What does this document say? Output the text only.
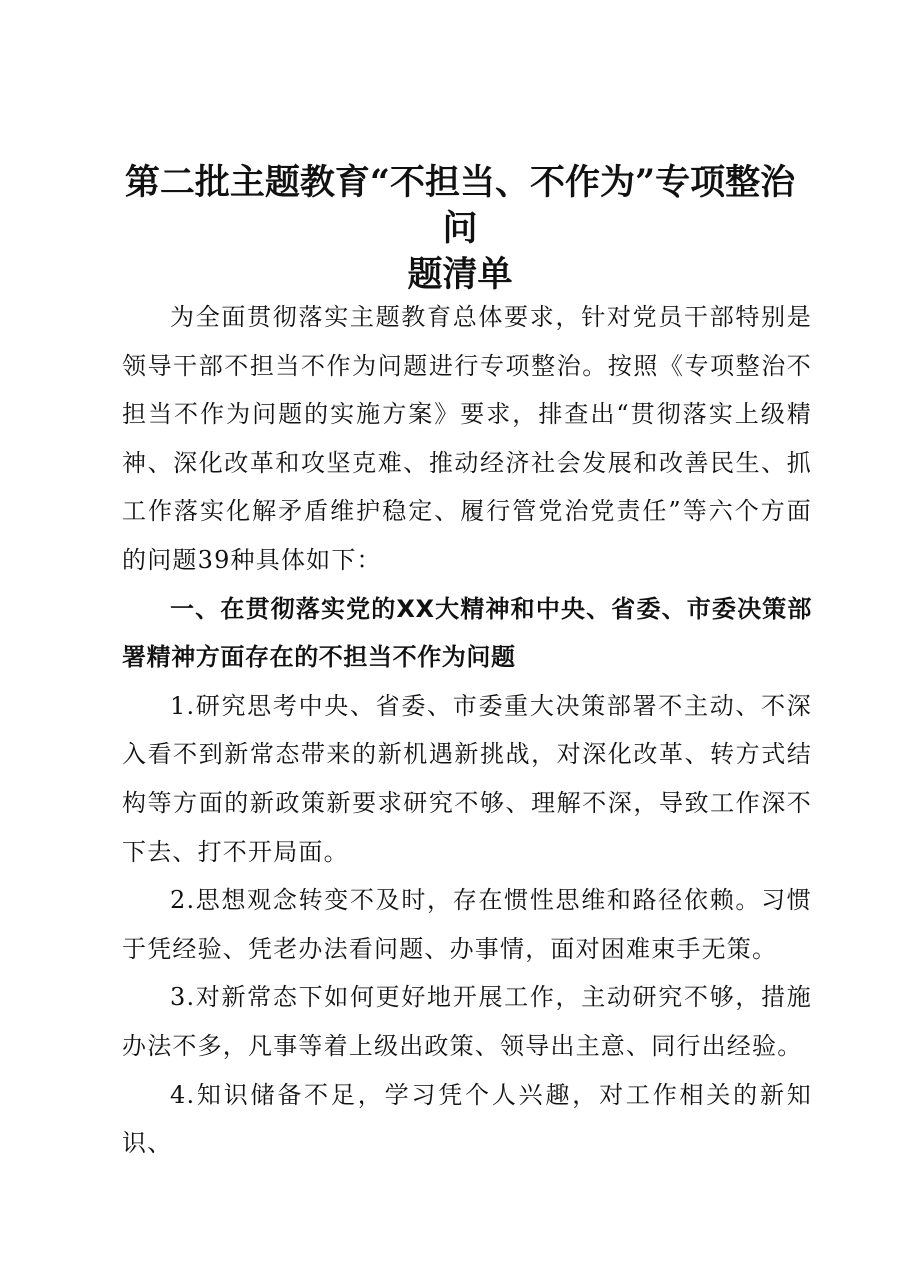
第二批主题教育“不担当、不作为”专项整治问
题清单

为全面贯彻落实主题教育总体要求，针对党员干部特别是领导干部不担当不作为问题进行专项整治。按照《专项整治不担当不作为问题的实施方案》要求，排查出“贯彻落实上级精神、深化改革和攻坚克难、推动经济社会发展和改善民生、抓工作落实化解矛盾维护稳定、履行管党治党责任”等六个方面的问题39种具体如下：

一、在贯彻落实党的XX大精神和中央、省委、市委决策部署精神方面存在的不担当不作为问题

1.研究思考中央、省委、市委重大决策部署不主动、不深入看不到新常态带来的新机遇新挑战，对深化改革、转方式结构等方面的新政策新要求研究不够、理解不深，导致工作深不下去、打不开局面。

2.思想观念转变不及时，存在惯性思维和路径依赖。习惯于凭经验、凭老办法看问题、办事情，面对困难束手无策。

3.对新常态下如何更好地开展工作，主动研究不够，措施办法不多，凡事等着上级出政策、领导出主意、同行出经验。

4.知识储备不足，学习凭个人兴趣，对工作相关的新知识、
